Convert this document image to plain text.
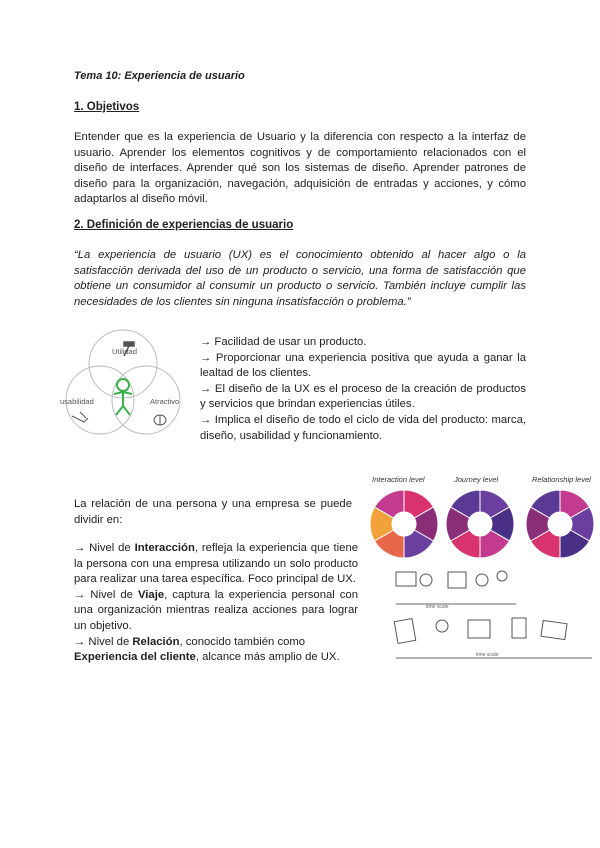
Tema 10: Experiencia de usuario
1. Objetivos

Entender que es la experiencia de Usuario y la diferencia con respecto a la interfaz de usuario. Aprender los elementos cognitivos y de comportamiento relacionados con el diseño de interfaces. Aprender qué son los sistemas de diseño. Aprender patrones de diseño para la organización, navegación, adquisición de entradas y acciones, y cómo adaptarlos al diseño móvil.

2. Definición de experiencias de usuario

“La experiencia de usuario (UX) es el conocimiento obtenido al hacer algo o la satisfacción derivada del uso de un producto o servicio, una forma de satisfacción que obtiene un consumidor al consumir un producto o servicio. También incluye cumplir las necesidades de los clientes sin ninguna insatisfacción o problema.”

Utilidad
usabilidad	Atractivo
→ Facilidad de usar un producto.
→ Proporcionar una experiencia positiva que ayuda a ganar la lealtad de los clientes.
→ El diseño de la UX es el proceso de la creación de productos y servicios que brindan experiencias útiles.
→ Implica el diseño de todo el ciclo de vida del producto: marca, diseño, usabilidad y funcionamiento.

La relación de una persona y una empresa se puede dividir en:

→ Nivel de Interacción, refleja la experiencia que tiene la persona con una empresa utilizando un solo producto para realizar una tarea específica. Foco principal de UX.
→ Nivel de Viaje, captura la experiencia personal con una organización mientras realiza acciones para lograr un objetivo.
→ Nivel de Relación, conocido también como
Experiencia del cliente, alcance más amplio de UX.
Interaction level	Journey level	Relationship level
time scale
time scale
